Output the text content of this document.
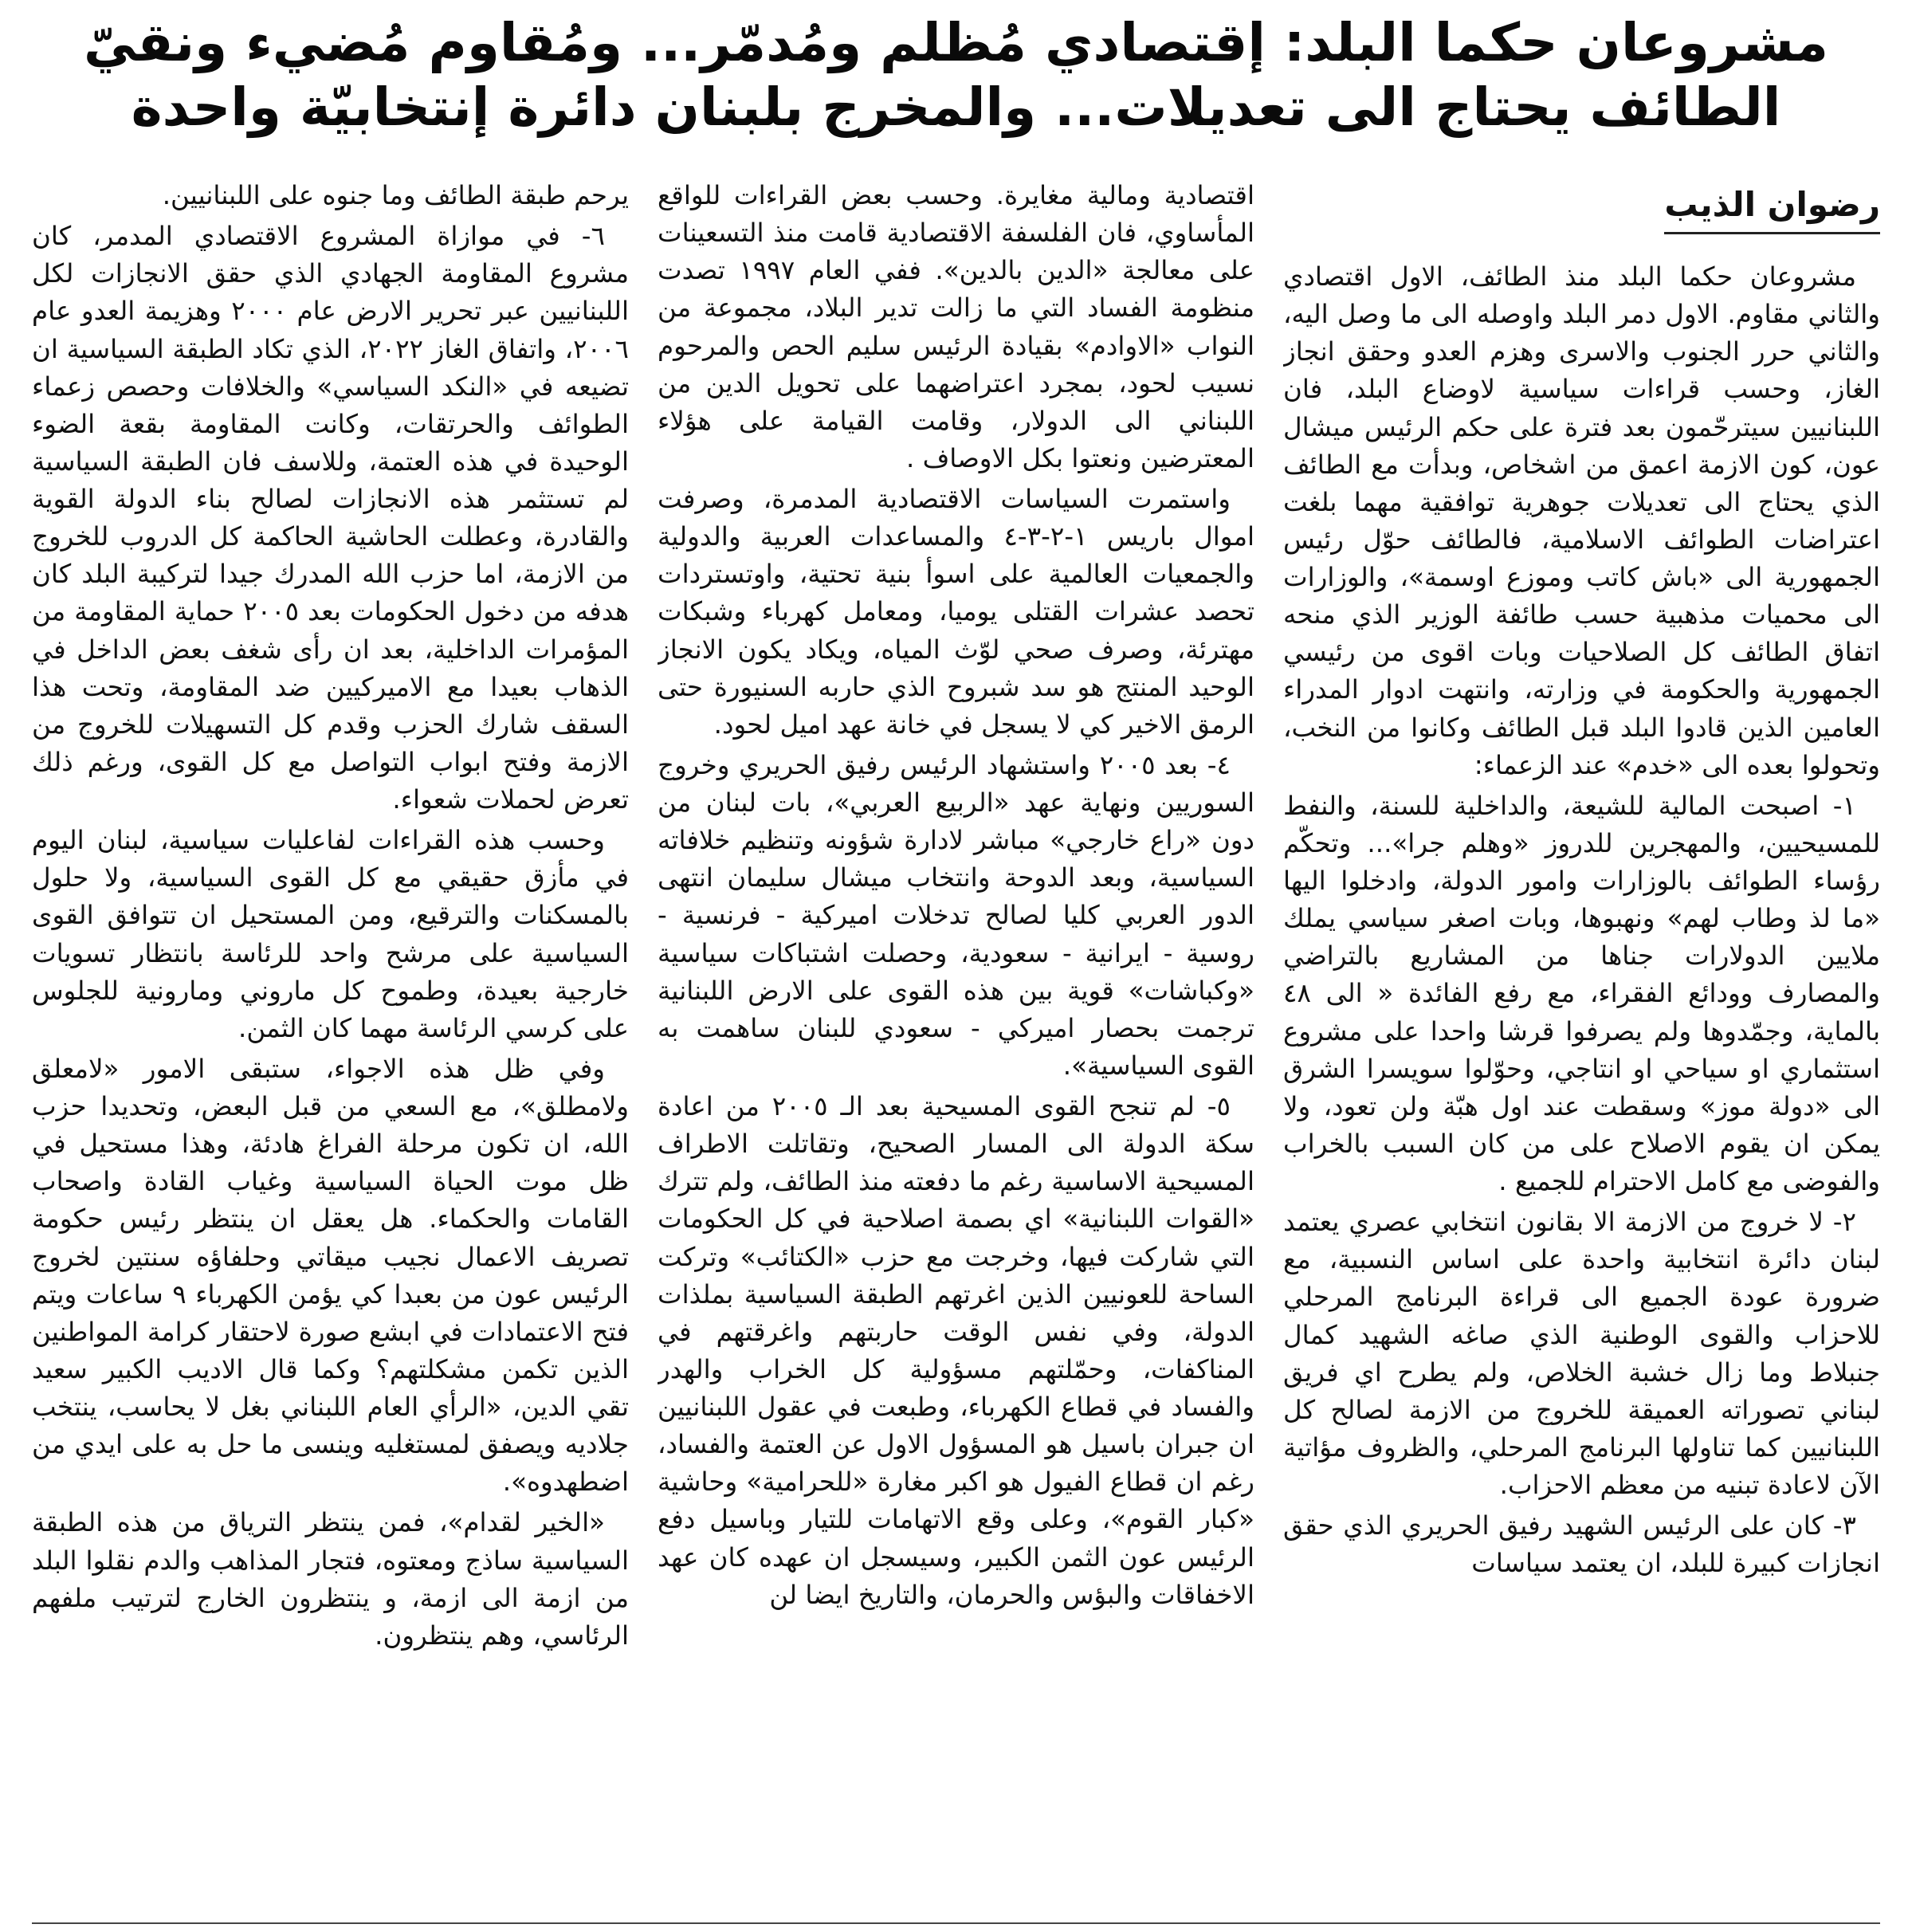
مشروعان حكما البلد: إقتصادي مُظلم ومُدمّر... ومُقاوم مُضيء ونقيّ
الطائف يحتاج الى تعديلات... والمخرج بلبنان دائرة إنتخابيّة واحدة
رضوان الذيب

مشروعان حكما البلد منذ الطائف، الاول اقتصادي والثاني مقاوم. الاول دمر البلد واوصله الى ما وصل اليه، والثاني حرر الجنوب والاسرى وهزم العدو وحقق انجاز الغاز، وحسب قراءات سياسية لاوضاع البلد، فان اللبنانيين سيترحّمون بعد فترة على حكم الرئيس ميشال عون، كون الازمة اعمق من اشخاص، وبدأت مع الطائف الذي يحتاج الى تعديلات جوهرية توافقية مهما بلغت اعتراضات الطوائف الاسلامية، فالطائف حوّل رئيس الجمهورية الى «باش كاتب وموزع اوسمة»، والوزارات الى محميات مذهبية حسب طائفة الوزير الذي منحه اتفاق الطائف كل الصلاحيات وبات اقوى من رئيسي الجمهورية والحكومة في وزارته، وانتهت ادوار المدراء العامين الذين قادوا البلد قبل الطائف وكانوا من النخب، وتحولوا بعده الى «خدم» عند الزعماء:

١- اصبحت المالية للشيعة، والداخلية للسنة، والنفط للمسيحيين، والمهجرين للدروز «وهلم جرا»... وتحكّم رؤساء الطوائف بالوزارات وامور الدولة، وادخلوا اليها «ما لذ وطاب لهم» ونهبوها، وبات اصغر سياسي يملك ملايين الدولارات جناها من المشاريع بالتراضي والمصارف وودائع الفقراء، مع رفع الفائدة « الى ٤٨ بالماية، وجمّدوها ولم يصرفوا قرشا واحدا على مشروع استثماري او سياحي او انتاجي، وحوّلوا سويسرا الشرق الى «دولة موز» وسقطت عند اول هبّة ولن تعود، ولا يمكن ان يقوم الاصلاح على من كان السبب بالخراب والفوضى مع كامل الاحترام للجميع .

٢- لا خروج من الازمة الا بقانون انتخابي عصري يعتمد لبنان دائرة انتخابية واحدة على اساس النسبية، مع ضرورة عودة الجميع الى قراءة البرنامج المرحلي للاحزاب والقوى الوطنية الذي صاغه الشهيد كمال جنبلاط وما زال خشبة الخلاص، ولم يطرح اي فريق لبناني تصوراته العميقة للخروج من الازمة لصالح كل اللبنانيين كما تناولها البرنامج المرحلي، والظروف مؤاتية الآن لاعادة تبنيه من معظم الاحزاب.

٣- كان على الرئيس الشهيد رفيق الحريري الذي حقق انجازات كبيرة للبلد، ان يعتمد سياسات

اقتصادية ومالية مغايرة. وحسب بعض القراءات للواقع المأساوي، فان الفلسفة الاقتصادية قامت منذ التسعينات على معالجة «الدين بالدين». ففي العام ١٩٩٧ تصدت منظومة الفساد التي ما زالت تدير البلاد، مجموعة من النواب «الاوادم» بقيادة الرئيس سليم الحص والمرحوم نسيب لحود، بمجرد اعتراضهما على تحويل الدين من اللبناني الى الدولار، وقامت القيامة على هؤلاء المعترضين ونعتوا بكل الاوصاف .

واستمرت السياسات الاقتصادية المدمرة، وصرفت اموال باريس ١-٢-٣-٤ والمساعدات العربية والدولية والجمعيات العالمية على اسوأ بنية تحتية، واوتستردات تحصد عشرات القتلى يوميا، ومعامل كهرباء وشبكات مهترئة، وصرف صحي لوّث المياه، ويكاد يكون الانجاز الوحيد المنتج هو سد شبروح الذي حاربه السنيورة حتى الرمق الاخير كي لا يسجل في خانة عهد اميل لحود.

٤- بعد ٢٠٠٥ واستشهاد الرئيس رفيق الحريري وخروج السوريين ونهاية عهد «الربيع العربي»، بات لبنان من دون «راع خارجي» مباشر لادارة شؤونه وتنظيم خلافاته السياسية، وبعد الدوحة وانتخاب ميشال سليمان انتهى الدور العربي كليا لصالح تدخلات اميركية - فرنسية - روسية - ايرانية - سعودية، وحصلت اشتباكات سياسية «وكباشات» قوية بين هذه القوى على الارض اللبنانية ترجمت بحصار اميركي - سعودي للبنان ساهمت به القوى السياسية».

٥- لم تنجح القوى المسيحية بعد الـ ٢٠٠٥ من اعادة سكة الدولة الى المسار الصحيح، وتقاتلت الاطراف المسيحية الاساسية رغم ما دفعته منذ الطائف، ولم تترك «القوات اللبنانية» اي بصمة اصلاحية في كل الحكومات التي شاركت فيها، وخرجت مع حزب «الكتائب» وتركت الساحة للعونيين الذين اغرتهم الطبقة السياسية بملذات الدولة، وفي نفس الوقت حاربتهم واغرقتهم في المناكفات، وحمّلتهم مسؤولية كل الخراب والهدر والفساد في قطاع الكهرباء، وطبعت في عقول اللبنانيين ان جبران باسيل هو المسؤول الاول عن العتمة والفساد، رغم ان قطاع الفيول هو اكبر مغارة «للحرامية» وحاشية «كبار القوم»، وعلى وقع الاتهامات للتيار وباسيل دفع الرئيس عون الثمن الكبير، وسيسجل ان عهده كان عهد الاخفاقات والبؤس والحرمان، والتاريخ ايضا لن

يرحم طبقة الطائف وما جنوه على اللبنانيين.

٦- في موازاة المشروع الاقتصادي المدمر، كان مشروع المقاومة الجهادي الذي حقق الانجازات لكل اللبنانيين عبر تحرير الارض عام ٢٠٠٠ وهزيمة العدو عام ٢٠٠٦، واتفاق الغاز ٢٠٢٢، الذي تكاد الطبقة السياسية ان تضيعه في «النكد السياسي» والخلافات وحصص زعماء الطوائف والحرتقات، وكانت المقاومة بقعة الضوء الوحيدة في هذه العتمة، وللاسف فان الطبقة السياسية لم تستثمر هذه الانجازات لصالح بناء الدولة القوية والقادرة، وعطلت الحاشية الحاكمة كل الدروب للخروج من الازمة، اما حزب الله المدرك جيدا لتركيبة البلد كان هدفه من دخول الحكومات بعد ٢٠٠٥ حماية المقاومة من المؤمرات الداخلية، بعد ان رأى شغف بعض الداخل في الذهاب بعيدا مع الاميركيين ضد المقاومة، وتحت هذا السقف شارك الحزب وقدم كل التسهيلات للخروج من الازمة وفتح ابواب التواصل مع كل القوى، ورغم ذلك تعرض لحملات شعواء.

وحسب هذه القراءات لفاعليات سياسية، لبنان اليوم في مأزق حقيقي مع كل القوى السياسية، ولا حلول بالمسكنات والترقيع، ومن المستحيل ان تتوافق القوى السياسية على مرشح واحد للرئاسة بانتظار تسويات خارجية بعيدة، وطموح كل ماروني ومارونية للجلوس على كرسي الرئاسة مهما كان الثمن.

وفي ظل هذه الاجواء، ستبقى الامور «لامعلق ولامطلق»، مع السعي من قبل البعض، وتحديدا حزب الله، ان تكون مرحلة الفراغ هادئة، وهذا مستحيل في ظل موت الحياة السياسية وغياب القادة واصحاب القامات والحكماء. هل يعقل ان ينتظر رئيس حكومة تصريف الاعمال نجيب ميقاتي وحلفاؤه سنتين لخروج الرئيس عون من بعبدا كي يؤمن الكهرباء ٩ ساعات ويتم فتح الاعتمادات في ابشع صورة لاحتقار كرامة المواطنين الذين تكمن مشكلتهم؟ وكما قال الاديب الكبير سعيد تقي الدين، «الرأي العام اللبناني بغل لا يحاسب، ينتخب جلاديه ويصفق لمستغليه وينسى ما حل به على ايدي من اضطهدوه».

«الخير لقدام»، فمن ينتظر الترياق من هذه الطبقة السياسية ساذج ومعتوه، فتجار المذاهب والدم نقلوا البلد من ازمة الى ازمة، و ينتظرون الخارج لترتيب ملفهم الرئاسي، وهم ينتظرون.
